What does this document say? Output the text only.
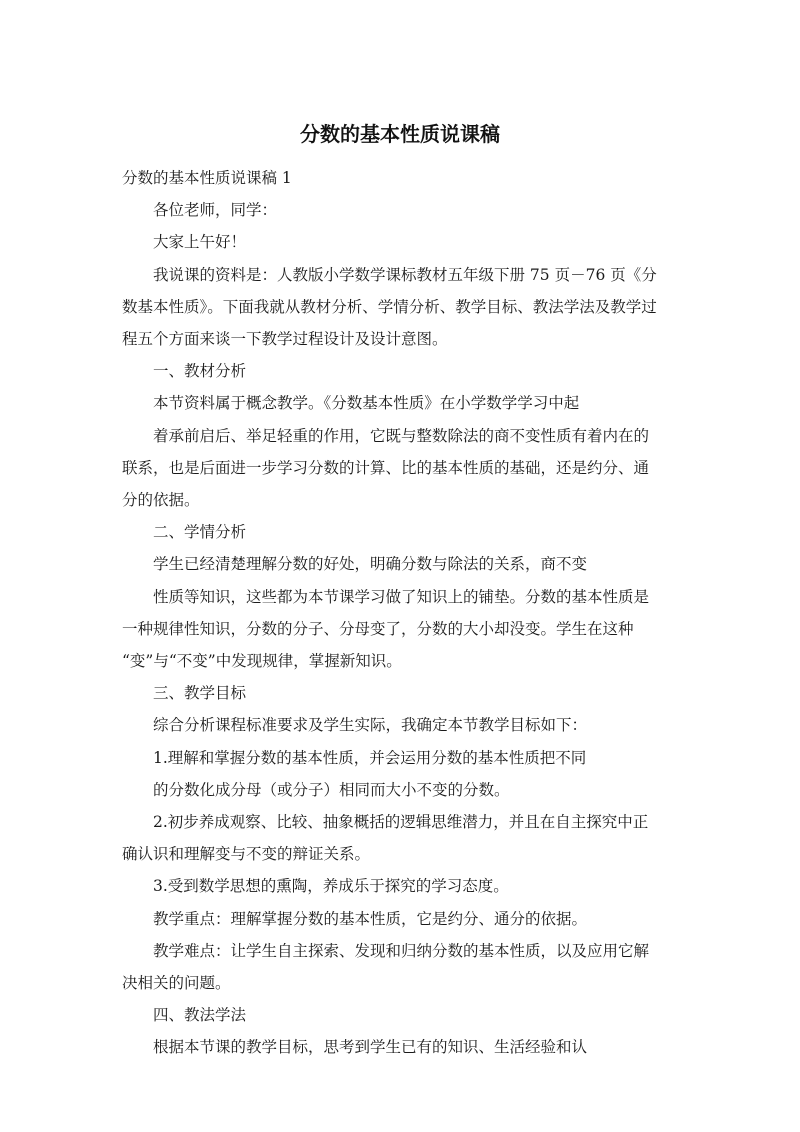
分数的基本性质说课稿
分数的基本性质说课稿 1
各位老师，同学：
大家上午好！
我说课的资料是：人教版小学数学课标教材五年级下册 75 页－76 页《分
数基本性质》。下面我就从教材分析、学情分析、教学目标、教法学法及教学过
程五个方面来谈一下教学过程设计及设计意图。
一、教材分析
本节资料属于概念教学。《分数基本性质》在小学数学学习中起
着承前启后、举足轻重的作用，它既与整数除法的商不变性质有着内在的
联系，也是后面进一步学习分数的计算、比的基本性质的基础，还是约分、通
分的依据。
二、学情分析
学生已经清楚理解分数的好处，明确分数与除法的关系，商不变
性质等知识，这些都为本节课学习做了知识上的铺垫。分数的基本性质是
一种规律性知识，分数的分子、分母变了，分数的大小却没变。学生在这种
“变”与“不变”中发现规律，掌握新知识。
三、教学目标
综合分析课程标准要求及学生实际，我确定本节教学目标如下：
1.理解和掌握分数的基本性质，并会运用分数的基本性质把不同
的分数化成分母（或分子）相同而大小不变的分数。
2.初步养成观察、比较、抽象概括的逻辑思维潜力，并且在自主探究中正
确认识和理解变与不变的辩证关系。
3.受到数学思想的熏陶，养成乐于探究的学习态度。
教学重点：理解掌握分数的基本性质，它是约分、通分的依据。
教学难点：让学生自主探索、发现和归纳分数的基本性质，以及应用它解
决相关的问题。
四、教法学法
根据本节课的教学目标，思考到学生已有的知识、生活经验和认
